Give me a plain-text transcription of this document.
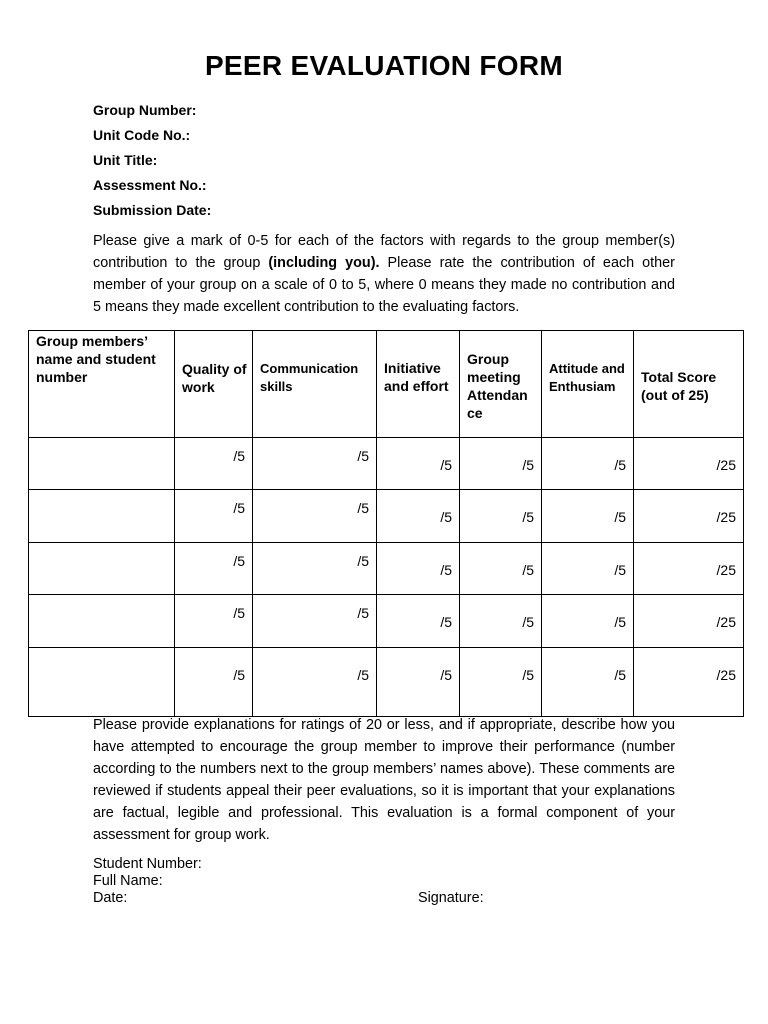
PEER EVALUATION FORM
Group Number:
Unit Code No.:
Unit Title:
Assessment No.:
Submission Date:
Please give a mark of 0-5 for each of the factors with regards to the group member(s) contribution to the group (including you). Please rate the contribution of each other member of your group on a scale of 0 to 5, where 0 means they made no contribution and 5 means they made excellent contribution to the evaluating factors.
Group members’ name and student number	Quality of work	Communication skills	Initiative and effort	Group meeting Attendan ce	Attitude and Enthusiam	Total Score (out of 25)

	/5	/5	/5	/5	/5	/25

	/5	/5	/5	/5	/5	/25

	/5	/5	/5	/5	/5	/25

	/5	/5	/5	/5	/5	/25

	/5	/5	/5	/5	/5	/25
Please provide explanations for ratings of 20 or less, and if appropriate, describe how you have attempted to encourage the group member to improve their performance (number according to the numbers next to the group members’ names above). These comments are reviewed if students appeal their peer evaluations, so it is important that your explanations are factual, legible and professional. This evaluation is a formal component of your assessment for group work.
Student Number:
Full Name:
Date:	Signature:
